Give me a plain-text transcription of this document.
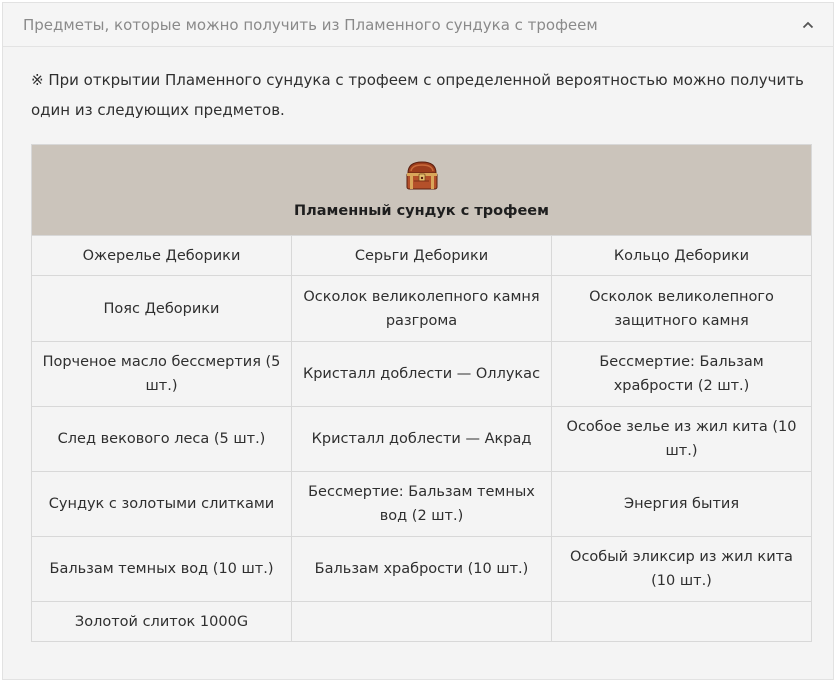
Предметы, которые можно получить из Пламенного сундука с трофеем
※ При открытии Пламенного сундука с трофеем с определенной вероятностью можно получить один из следующих предметов.
Пламенный сундук с трофеем		
Ожерелье Деборики	Серьги Деборики	Кольцо Деборики
Пояс Деборики	Осколок великолепного камня разгрома	Осколок великолепного защитного камня
Порченое масло бессмертия (5 шт.)	Кристалл доблести — Оллукас	Бессмертие: Бальзам храбрости (2 шт.)
След векового леса (5 шт.)	Кристалл доблести — Акрад	Особое зелье из жил кита (10 шт.)
Сундук с золотыми слитками	Бессмертие: Бальзам темных вод (2 шт.)	Энергия бытия
Бальзам темных вод (10 шт.)	Бальзам храбрости (10 шт.)	Особый эликсир из жил кита (10 шт.)
Золотой слиток 1000G		
